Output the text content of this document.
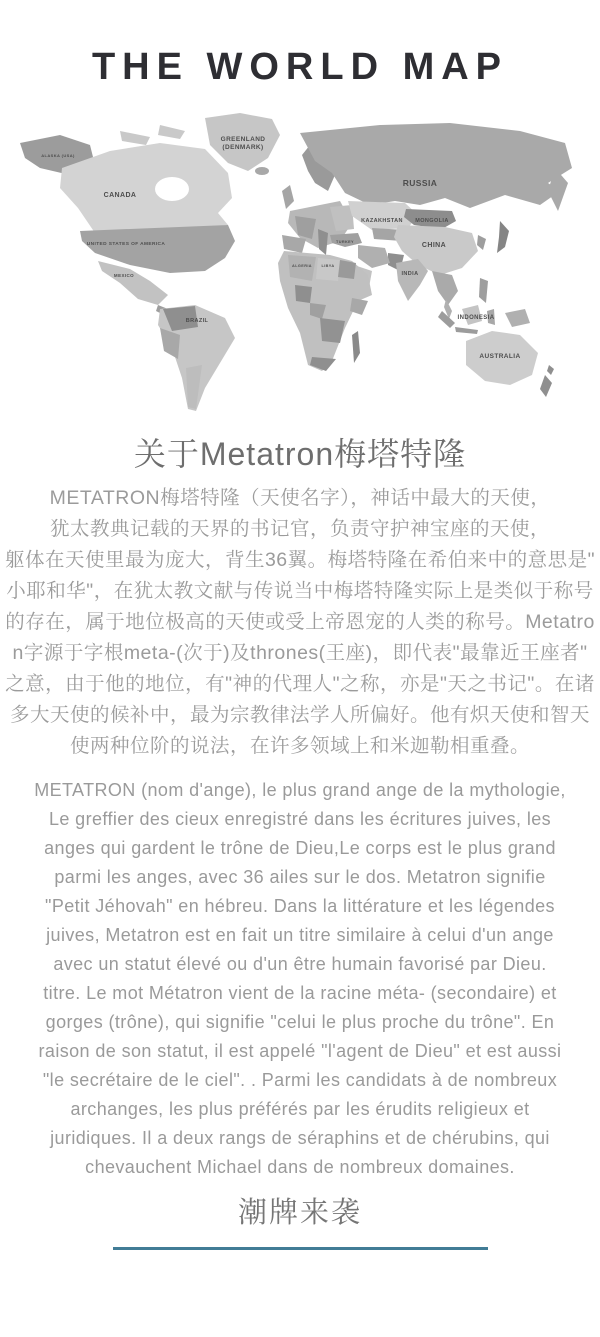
THE WORLD MAP
GREENLAND
(DENMARK)
CANADA
ALASKA (USA)
UNITED STATES OF AMERICA
MEXICO
BRAZIL
RUSSIA
KAZAKHSTAN MONGOLIA
CHINA
INDIA
TURKEY
ALGERIA	LIBYA
INDONESIA
AUSTRALIA
关于Metatron梅塔特隆
METATRON梅塔特隆（天使名字），神话中最大的天使，
犹太教典记载的天界的书记官，负责守护神宝座的天使，
躯体在天使里最为庞大，背生36翼。梅塔特隆在希伯来中的意思是"
小耶和华"，在犹太教文献与传说当中梅塔特隆实际上是类似于称号
的存在，属于地位极高的天使或受上帝恩宠的人类的称号。Metatro
n字源于字根meta-(次于)及thrones(王座)，即代表"最靠近王座者"
之意，由于他的地位，有"神的代理人"之称，亦是"天之书记"。在诸
多大天使的候补中，最为宗教律法学人所偏好。他有炽天使和智天
使两种位阶的说法，在许多领域上和米迦勒相重叠。
METATRON (nom d'ange), le plus grand ange de la mythologie,
Le greffier des cieux enregistré dans les écritures juives, les
anges qui gardent le trône de Dieu,Le corps est le plus grand
parmi les anges, avec 36 ailes sur le dos. Metatron signifie
"Petit Jéhovah" en hébreu. Dans la littérature et les légendes
juives, Metatron est en fait un titre similaire à celui d'un ange
avec un statut élevé ou d'un être humain favorisé par Dieu.
titre. Le mot Métatron vient de la racine méta- (secondaire) et
gorges (trône), qui signifie "celui le plus proche du trône". En
raison de son statut, il est appelé "l'agent de Dieu" et est aussi
"le secrétaire de le ciel". . Parmi les candidats à de nombreux
archanges, les plus préférés par les érudits religieux et
juridiques. Il a deux rangs de séraphins et de chérubins, qui
chevauchent Michael dans de nombreux domaines.
潮牌来袭
